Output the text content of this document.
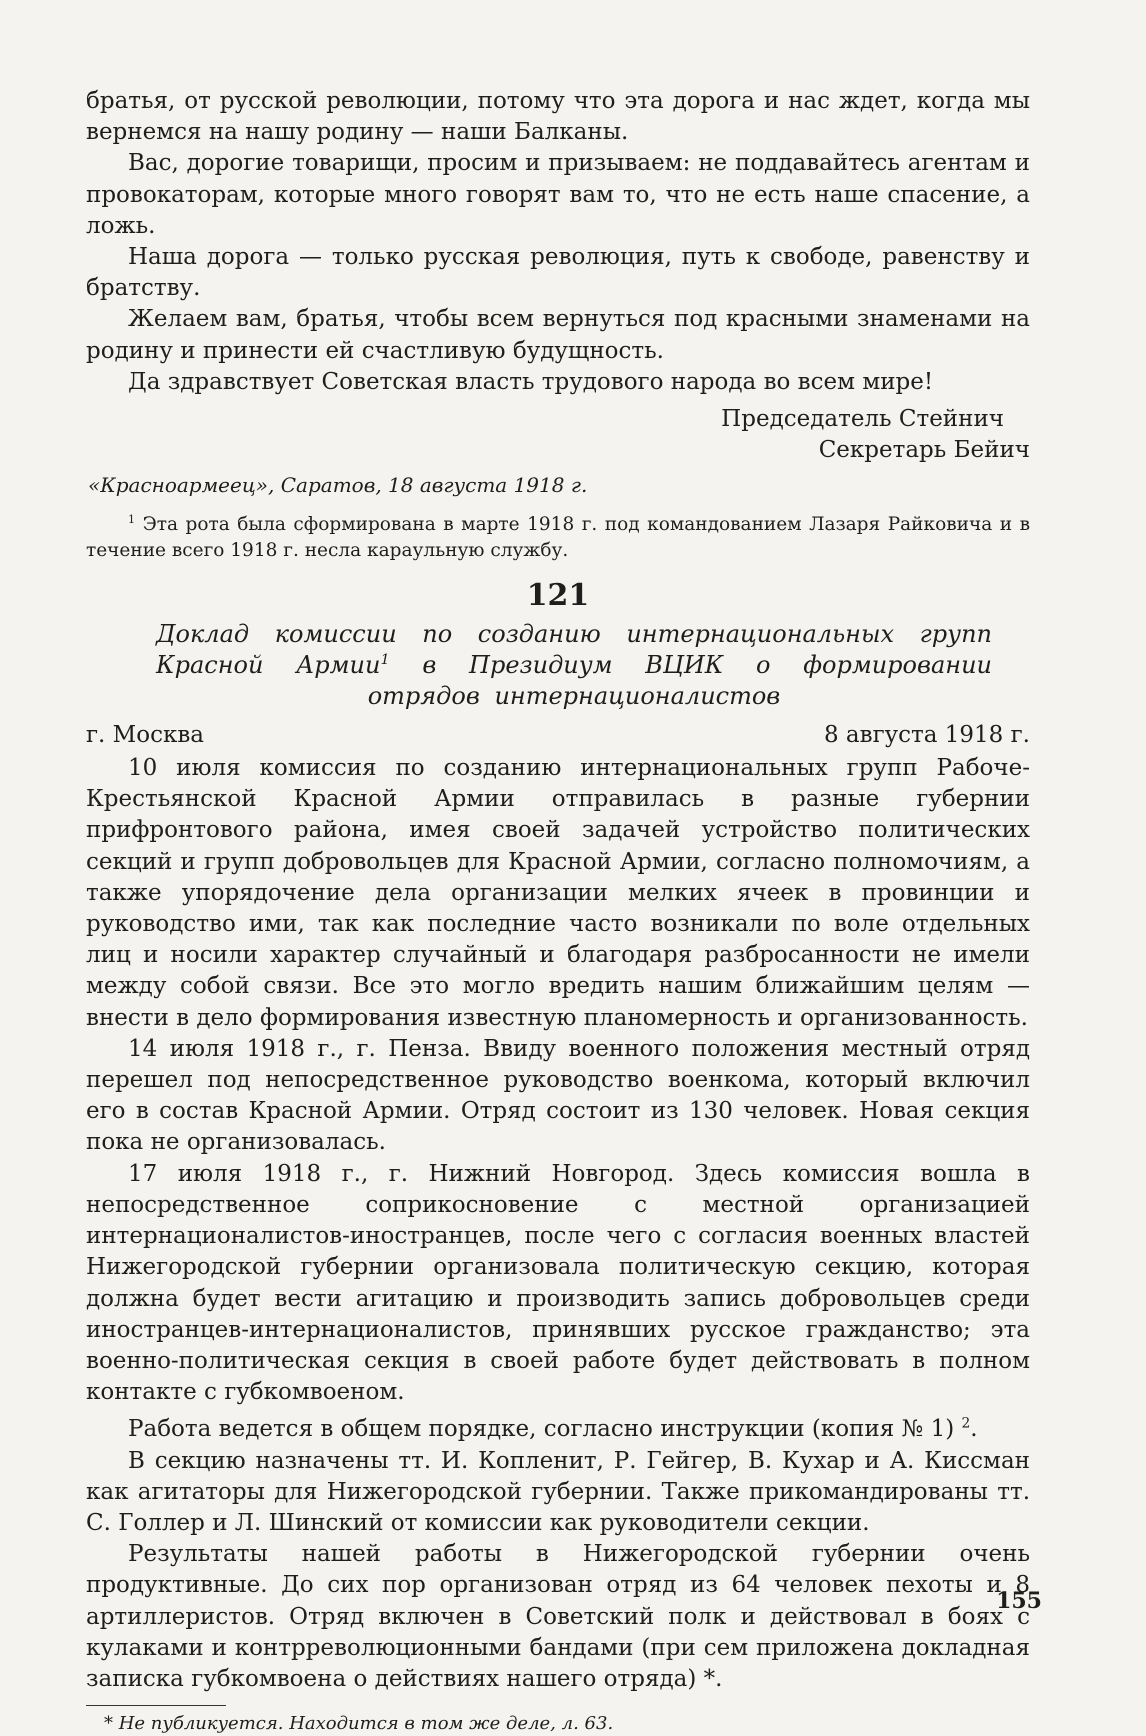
братья, от русской революции, потому что эта дорога и нас ждет, когда мы вернемся на нашу родину — наши Балканы.

Вас, дорогие товарищи, просим и призываем: не поддавайтесь агентам и провокаторам, которые много говорят вам то, что не есть наше спасение, а ложь.

Наша дорога — только русская революция, путь к свободе, равенству и братству.

Желаем вам, братья, чтобы всем вернуться под красными знаменами на родину и принести ей счастливую будущность.

Да здравствует Советская власть трудового народа во всем мире!

Председатель Стейнич

Секретарь Бейич

«Красноармеец», Саратов, 18 августа 1918 г.

$^1$ Эта рота была сформирована в марте 1918 г. под командованием Лазаря Райковича и в течение всего 1918 г. несла караульную службу.

121
Доклад комиссии по созданию интернациональных групп Красной Армии$^1$ в Президиум ВЦИК о формировании отрядов интернационалистов
г. Москва	8 августа 1918 г.

10 июля комиссия по созданию интернациональных групп Рабоче-Крестьянской Красной Армии отправилась в разные губернии прифронтового района, имея своей задачей устройство политических секций и групп добровольцев для Красной Армии, согласно полномочиям, а также упорядочение дела организации мелких ячеек в провинции и руководство ими, так как последние часто возникали по воле отдельных лиц и носили характер случайный и благодаря разбросанности не имели между собой связи. Все это могло вредить нашим ближайшим целям — внести в дело формирования известную планомерность и организованность.

14 июля 1918 г., г. Пенза. Ввиду военного положения местный отряд перешел под непосредственное руководство военкома, который включил его в состав Красной Армии. Отряд состоит из 130 человек. Новая секция пока не организовалась.

17 июля 1918 г., г. Нижний Новгород. Здесь комиссия вошла в непосредственное соприкосновение с местной организацией интернационалистов-иностранцев, после чего с согласия военных властей Нижегородской губернии организовала политическую секцию, которая должна будет вести агитацию и производить запись добровольцев среди иностранцев-интернационалистов, принявших русское гражданство; эта военно-политическая секция в своей работе будет действовать в полном контакте с губкомвоеном.

Работа ведется в общем порядке, согласно инструкции (копия № 1) $^2$.

В секцию назначены тт. И. Копленит, Р. Гейгер, В. Кухар и А. Кисcман как агитаторы для Нижегородской губернии. Также прикомандированы тт. С. Голлер и Л. Шинский от комиссии как руководители секции.

Результаты нашей работы в Нижегородской губернии очень продуктивные. До сих пор организован отряд из 64 человек пехоты и 8 артиллеристов. Отряд включен в Советский полк и действовал в боях с кулаками и контрреволюционными бандами (при сем приложена докладная записка губкомвоена о действиях нашего отряда) *.

* Не публикуется. Находится в том же деле, л. 63.

155
